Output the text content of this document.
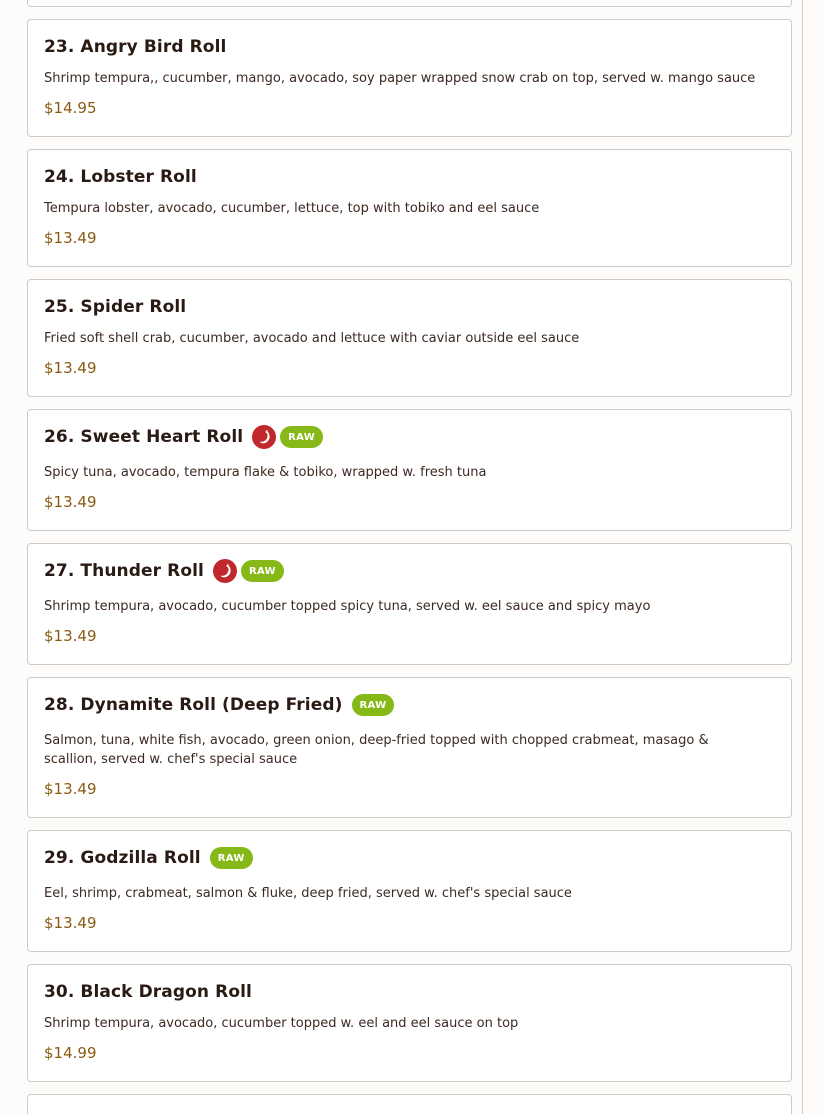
23. Angry Bird Roll
Shrimp tempura,, cucumber, mango, avocado, soy paper wrapped snow crab on top, served w. mango sauce
$14.95
24. Lobster Roll
Tempura lobster, avocado, cucumber, lettuce, top with tobiko and eel sauce
$13.49
25. Spider Roll
Fried soft shell crab, cucumber, avocado and lettuce with caviar outside eel sauce
$13.49
26. Sweet Heart Roll	RAW
Spicy tuna, avocado, tempura flake & tobiko, wrapped w. fresh tuna
$13.49
27. Thunder Roll	RAW
Shrimp tempura, avocado, cucumber topped spicy tuna, served w. eel sauce and spicy mayo
$13.49
28. Dynamite Roll (Deep Fried)	RAW
Salmon, tuna, white fish, avocado, green onion, deep-fried topped with chopped crabmeat, masago & scallion, served w. chef's special sauce
$13.49
29. Godzilla Roll	RAW
Eel, shrimp, crabmeat, salmon & fluke, deep fried, served w. chef's special sauce
$13.49
30. Black Dragon Roll
Shrimp tempura, avocado, cucumber topped w. eel and eel sauce on top
$14.99
